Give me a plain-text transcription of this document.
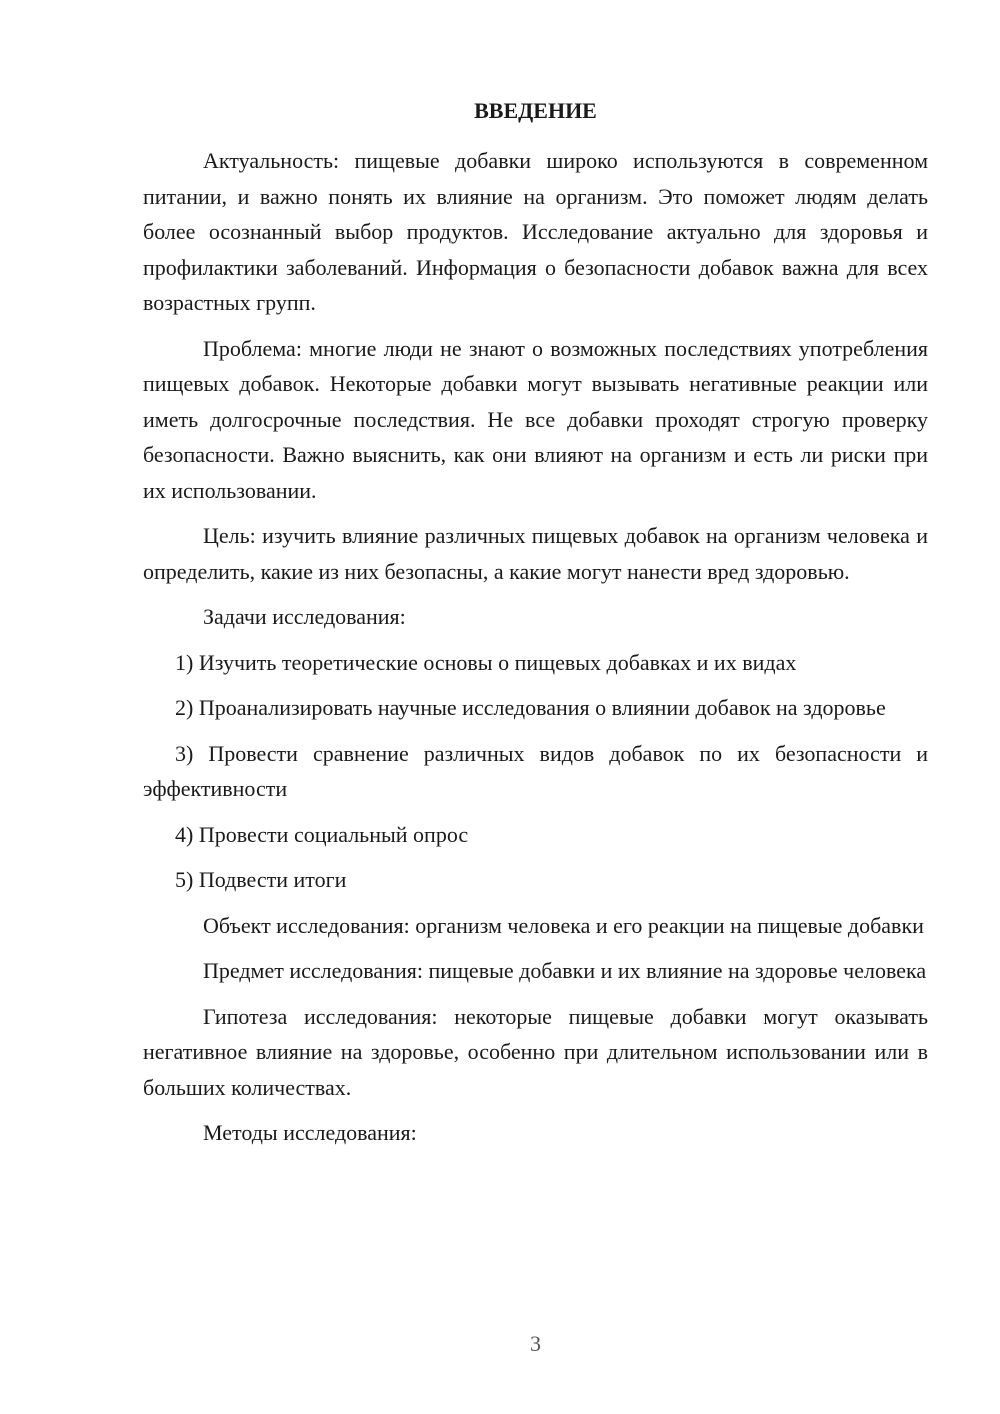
ВВЕДЕНИЕ

Актуальность: пищевые добавки широко используются в современном питании, и важно понять их влияние на организм. Это поможет людям делать более осознанный выбор продуктов. Исследование актуально для здоровья и профилактики заболеваний. Информация о безопасности добавок важна для всех возрастных групп.

Проблема: многие люди не знают о возможных последствиях употребления пищевых добавок. Некоторые добавки могут вызывать негативные реакции или иметь долгосрочные последствия. Не все добавки проходят строгую проверку безопасности. Важно выяснить, как они влияют на организм и есть ли риски при их использовании.

Цель: изучить влияние различных пищевых добавок на организм человека и определить, какие из них безопасны, а какие могут нанести вред здоровью.

Задачи исследования:

1) Изучить теоретические основы о пищевых добавках и их видах

2) Проанализировать научные исследования о влиянии добавок на здоровье

3) Провести сравнение различных видов добавок по их безопасности и эффективности

4) Провести социальный опрос

5) Подвести итоги

Объект исследования: организм человека и его реакции на пищевые добавки

Предмет исследования: пищевые добавки и их влияние на здоровье человека

Гипотеза исследования: некоторые пищевые добавки могут оказывать негативное влияние на здоровье, особенно при длительном использовании или в больших количествах.

Методы исследования:

3
